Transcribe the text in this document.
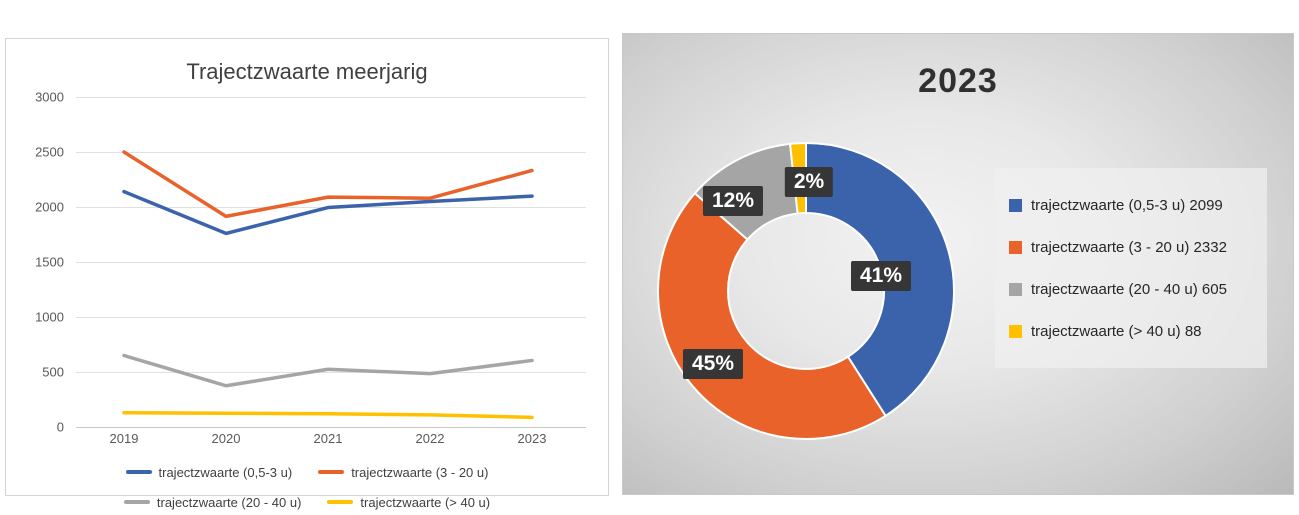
Trajectzwaarte meerjarig
3000
2500
2000
1500
1000
500
0
2019	2020	2021	2022	2023
trajectzwaarte (0,5-3 u)	trajectzwaarte (3 - 20 u)
trajectzwaarte (20 - 40 u)	trajectzwaarte (> 40 u)
2023
41%
45%
12%
2%
trajectzwaarte (0,5-3 u) 2099
trajectzwaarte (3 - 20 u) 2332
trajectzwaarte (20 - 40 u) 605
trajectzwaarte (> 40 u) 88
